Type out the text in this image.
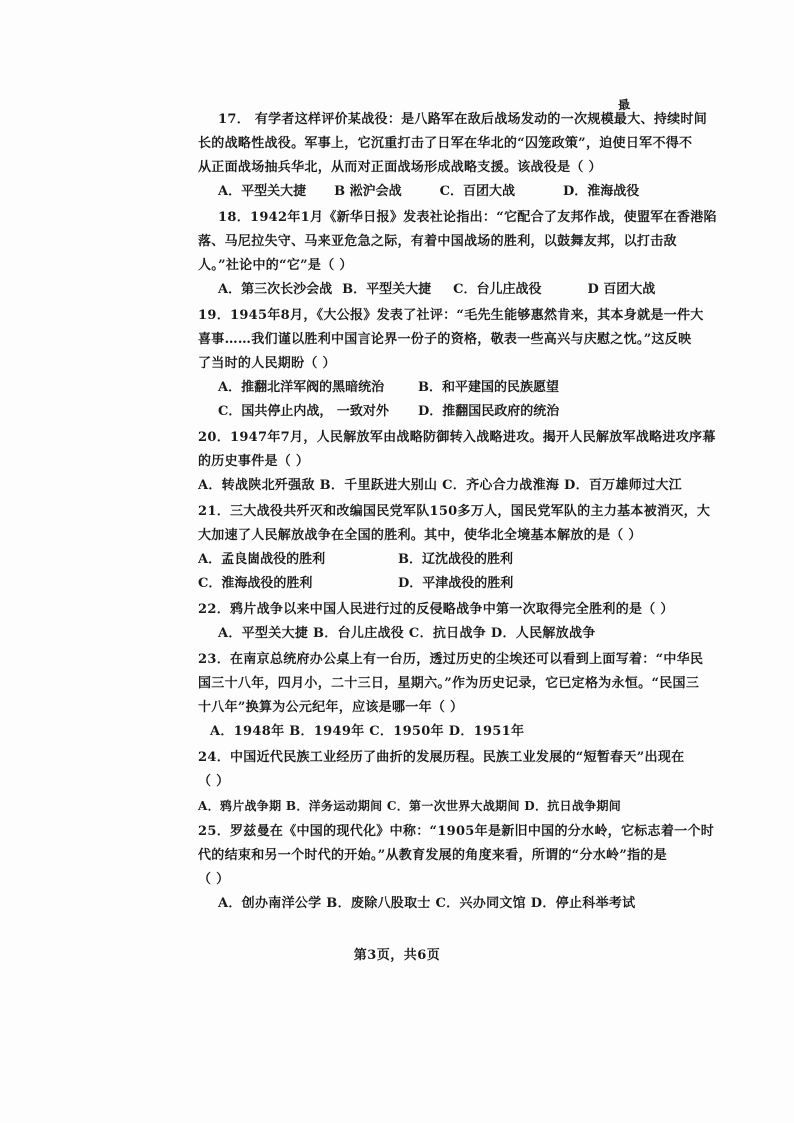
最
17． 有学者这样评价某战役：是八路军在敌后战场发动的一次规模最大、持续时间
长的战略性战役。军事上，它沉重打击了日军在华北的“囚笼政策”，迫使日军不得不
从正面战场抽兵华北，从而对正面战场形成战略支援。该战役是（ ）
A．平型关大捷 B 淞沪会战	C．百团大战	D．淮海战役
18．1942年1月《新华日报》发表社论指出：“它配合了友邦作战，使盟军在香港陷
落、马尼拉失守、马来亚危急之际，有着中国战场的胜利，以鼓舞友邦，以打击敌
人。”社论中的“它”是（ ）
A．第三次长沙会战 B．平型关大捷 C．台儿庄战役	D 百团大战
19．1945年8月，《大公报》发表了社评：“毛先生能够惠然肯来，其本身就是一件大
喜事……我们谨以胜利中国言论界一份子的资格，敬表一些高兴与庆慰之忱。”这反映
了当时的人民期盼（ ）
A．推翻北洋军阀的黑暗统治	B．和平建国的民族愿望
C．国共停止内战， 一致对外	D．推翻国民政府的统治
20．1947年7月，人民解放军由战略防御转入战略进攻。揭开人民解放军战略进攻序幕
的历史事件是（ ）
A．转战陕北歼强敌 B．千里跃进大别山 C．齐心合力战淮海 D．百万雄师过大江
21．三大战役共歼灭和改编国民党军队150多万人，国民党军队的主力基本被消灭，大
大加速了人民解放战争在全国的胜利。其中，使华北全境基本解放的是（ ）
A．孟良崮战役的胜利	B．辽沈战役的胜利
C．淮海战役的胜利	D．平津战役的胜利
22．鸦片战争以来中国人民进行过的反侵略战争中第一次取得完全胜利的是（ ）
A．平型关大捷 B．台儿庄战役 C．抗日战争 D．人民解放战争
23．在南京总统府办公桌上有一台历，透过历史的尘埃还可以看到上面写着：“中华民
国三十八年，四月小，二十三日，星期六。”作为历史记录，它已定格为永恒。“民国三
十八年”换算为公元纪年，应该是哪一年（ ）
A．1948年 B．1949年 C．1950年 D．1951年
24．中国近代民族工业经历了曲折的发展历程。民族工业发展的“短暂春天”出现在
（ ）
A．鸦片战争期 B．洋务运动期间 C．第一次世界大战期间 D．抗日战争期间
25．罗兹曼在《中国的现代化》中称：“1905年是新旧中国的分水岭，它标志着一个时
代的结束和另一个时代的开始。”从教育发展的角度来看，所谓的“分水岭”指的是
（ ）
A．创办南洋公学 B．废除八股取士 C．兴办同文馆 D．停止科举考试
第3页，共6页
